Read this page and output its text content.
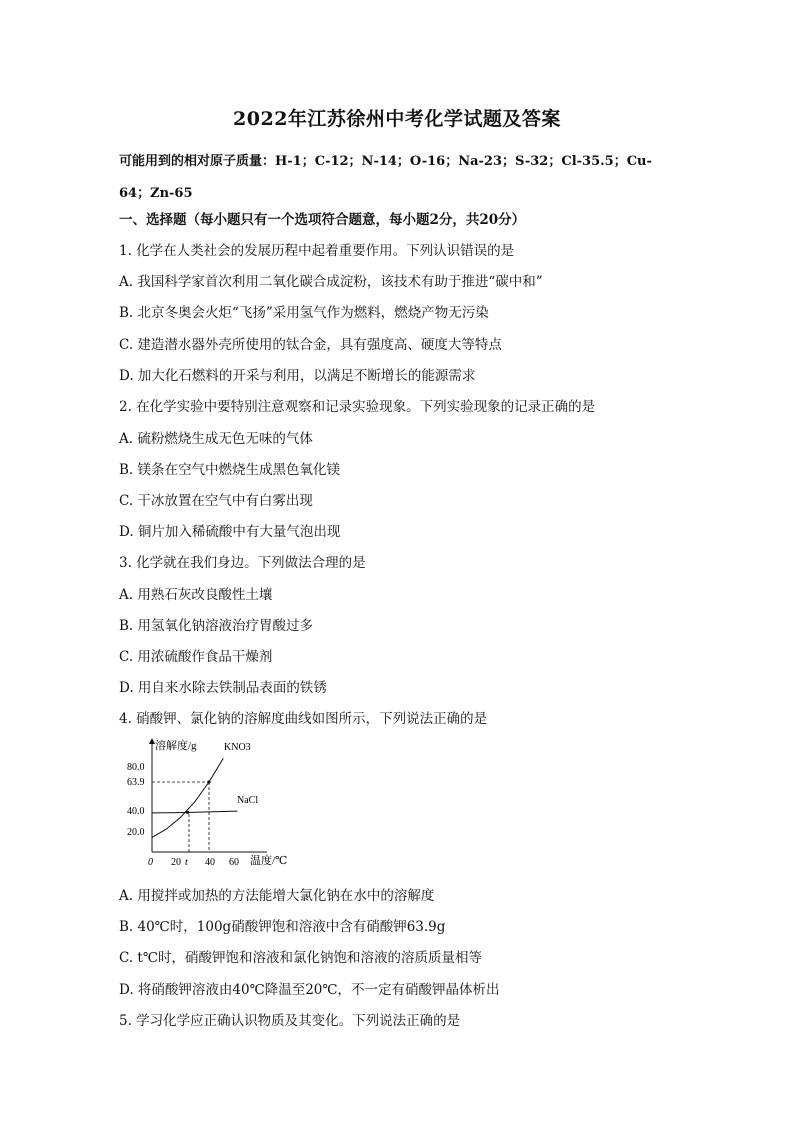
2022年江苏徐州中考化学试题及答案
可能用到的相对原子质量：H-1；C-12；N-14；O-16；Na-23；S-32；Cl-35.5；Cu-64；Zn-65
一、选择题（每小题只有一个选项符合题意，每小题2分，共20分）
1. 化学在人类社会的发展历程中起着重要作用。下列认识错误的是
A. 我国科学家首次利用二氧化碳合成淀粉，该技术有助于推进“碳中和”
B. 北京冬奥会火炬“飞扬”采用氢气作为燃料，燃烧产物无污染
C. 建造潜水器外壳所使用的钛合金，具有强度高、硬度大等特点
D. 加大化石燃料的开采与利用，以满足不断增长的能源需求
2. 在化学实验中要特别注意观察和记录实验现象。下列实验现象的记录正确的是
A. 硫粉燃烧生成无色无味的气体
B. 镁条在空气中燃烧生成黑色氧化镁
C. 干冰放置在空气中有白雾出现
D. 铜片加入稀硫酸中有大量气泡出现
3. 化学就在我们身边。下列做法合理的是
A. 用熟石灰改良酸性土壤
B. 用氢氧化钠溶液治疗胃酸过多
C. 用浓硫酸作食品干燥剂
D. 用自来水除去铁制品表面的铁锈
4. 硝酸钾、氯化钠的溶解度曲线如图所示，下列说法正确的是
溶解度/g
温度/℃
80.0
63.9
40.0
20.0
0 20 t 40 60
KNO3
NaCl
A. 用搅拌或加热的方法能增大氯化钠在水中的溶解度
B. 40℃时，100g硝酸钾饱和溶液中含有硝酸钾63.9g
C. t℃时，硝酸钾饱和溶液和氯化钠饱和溶液的溶质质量相等
D. 将硝酸钾溶液由40℃降温至20℃，不一定有硝酸钾晶体析出
5. 学习化学应正确认识物质及其变化。下列说法正确的是
